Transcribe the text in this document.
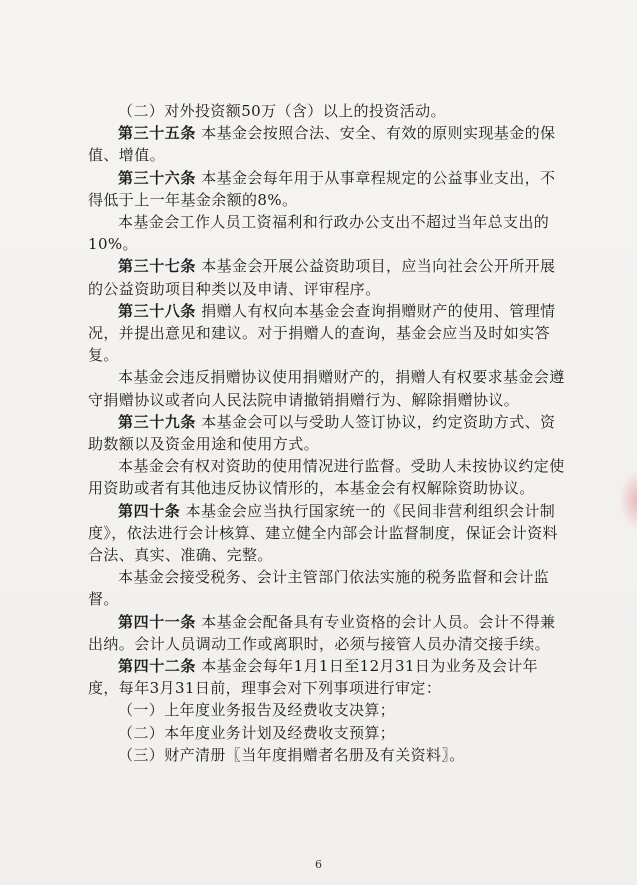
（二）对外投资额50万（含）以上的投资活动。

第三十五条 本基金会按照合法、安全、有效的原则实现基金的保值、增值。

第三十六条 本基金会每年用于从事章程规定的公益事业支出，不得低于上一年基金余额的8%。

本基金会工作人员工资福利和行政办公支出不超过当年总支出的10%。

第三十七条 本基金会开展公益资助项目，应当向社会公开所开展的公益资助项目种类以及申请、评审程序。

第三十八条 捐赠人有权向本基金会查询捐赠财产的使用、管理情况，并提出意见和建议。对于捐赠人的查询，基金会应当及时如实答复。

本基金会违反捐赠协议使用捐赠财产的，捐赠人有权要求基金会遵守捐赠协议或者向人民法院申请撤销捐赠行为、解除捐赠协议。

第三十九条 本基金会可以与受助人签订协议，约定资助方式、资助数额以及资金用途和使用方式。

本基金会有权对资助的使用情况进行监督。受助人未按协议约定使用资助或者有其他违反协议情形的，本基金会有权解除资助协议。

第四十条 本基金会应当执行国家统一的《民间非营利组织会计制度》，依法进行会计核算、建立健全内部会计监督制度，保证会计资料合法、真实、准确、完整。

本基金会接受税务、会计主管部门依法实施的税务监督和会计监督。

第四十一条 本基金会配备具有专业资格的会计人员。会计不得兼出纳。会计人员调动工作或离职时，必须与接管人员办清交接手续。

第四十二条 本基金会每年1月1日至12月31日为业务及会计年度，每年3月31日前，理事会对下列事项进行审定：

（一）上年度业务报告及经费收支决算；

（二）本年度业务计划及经费收支预算；

（三）财产清册〖当年度捐赠者名册及有关资料〗。

6
